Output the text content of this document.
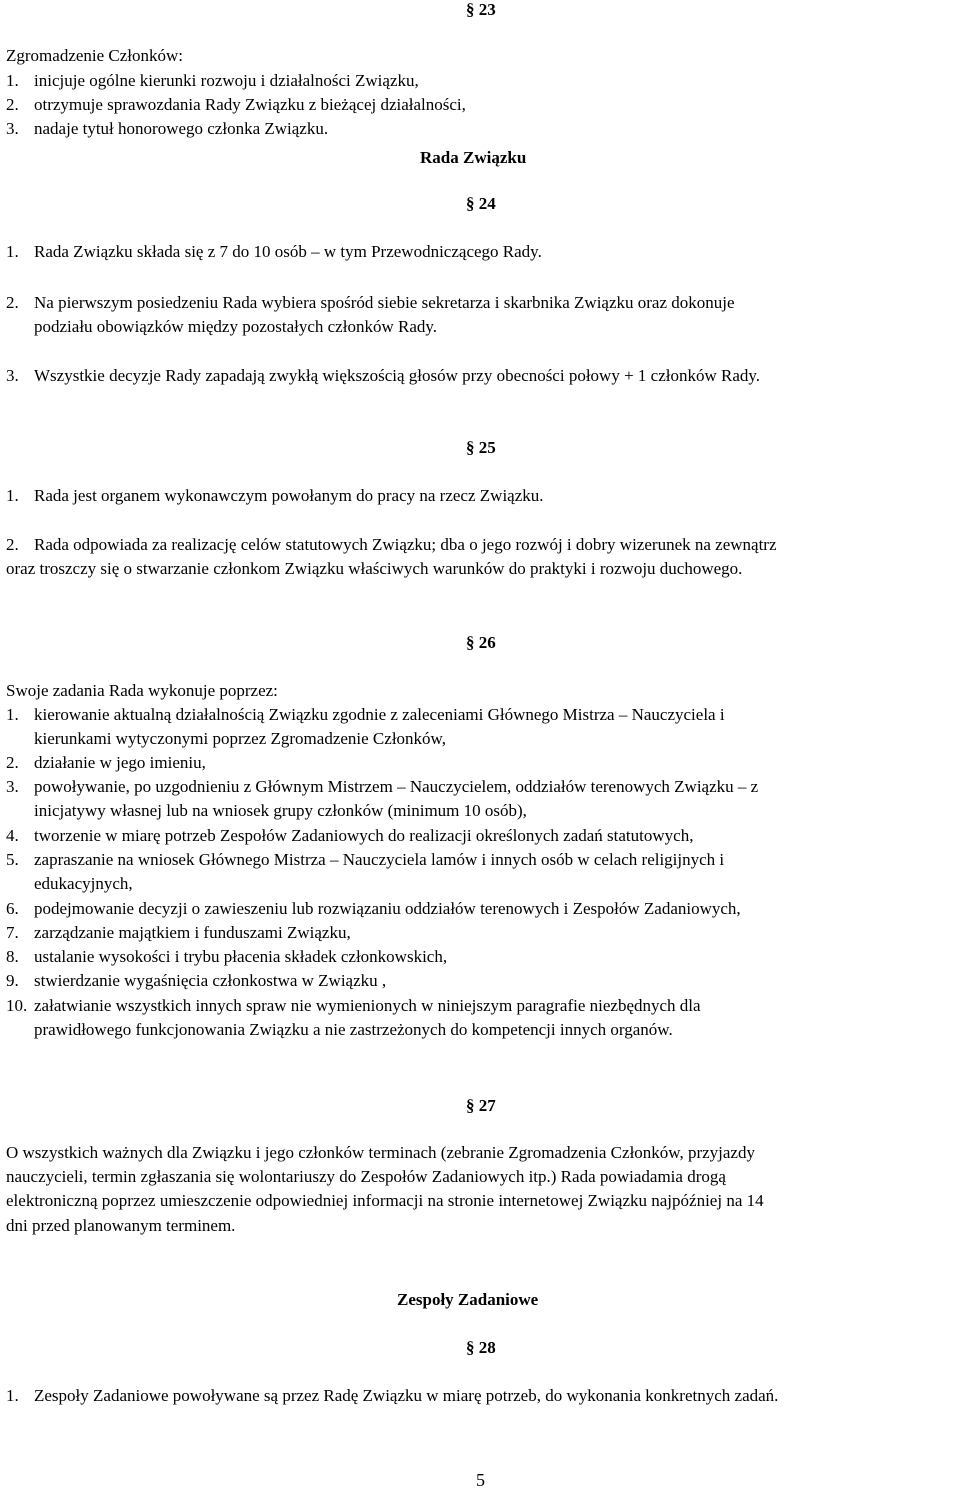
§ 23
Zgromadzenie Członków:
1. inicjuje ogólne kierunki rozwoju i działalności Związku,
2. otrzymuje sprawozdania Rady Związku z bieżącej działalności,
3. nadaje tytuł honorowego członka Związku.
Rada Związku
§ 24
1. Rada Związku składa się z 7 do 10 osób – w tym Przewodniczącego Rady.
2. Na pierwszym posiedzeniu Rada wybiera spośród siebie sekretarza i skarbnika Związku oraz dokonuje
podziału obowiązków między pozostałych członków Rady.
3. Wszystkie decyzje Rady zapadają zwykłą większością głosów przy obecności połowy + 1 członków Rady.
§ 25
1. Rada jest organem wykonawczym powołanym do pracy na rzecz Związku.
2. Rada odpowiada za realizację celów statutowych Związku; dba o jego rozwój i dobry wizerunek na zewnątrz
oraz troszczy się o stwarzanie członkom Związku właściwych warunków do praktyki i rozwoju duchowego.
§ 26
Swoje zadania Rada wykonuje poprzez:
1. kierowanie aktualną działalnością Związku zgodnie z zaleceniami Głównego Mistrza – Nauczyciela i
kierunkami wytyczonymi poprzez Zgromadzenie Członków,
2. działanie w jego imieniu,
3. powoływanie, po uzgodnieniu z Głównym Mistrzem – Nauczycielem, oddziałów terenowych Związku – z
inicjatywy własnej lub na wniosek grupy członków (minimum 10 osób),
4. tworzenie w miarę potrzeb Zespołów Zadaniowych do realizacji określonych zadań statutowych,
5. zapraszanie na wniosek Głównego Mistrza – Nauczyciela lamów i innych osób w celach religijnych i
edukacyjnych,
6. podejmowanie decyzji o zawieszeniu lub rozwiązaniu oddziałów terenowych i Zespołów Zadaniowych,
7. zarządzanie majątkiem i funduszami Związku,
8. ustalanie wysokości i trybu płacenia składek członkowskich,
9. stwierdzanie wygaśnięcia członkostwa w Związku ,
10. załatwianie wszystkich innych spraw nie wymienionych w niniejszym paragrafie niezbędnych dla
prawidłowego funkcjonowania Związku a nie zastrzeżonych do kompetencji innych organów.
§ 27
O wszystkich ważnych dla Związku i jego członków terminach (zebranie Zgromadzenia Członków, przyjazdy
nauczycieli, termin zgłaszania się wolontariuszy do Zespołów Zadaniowych itp.) Rada powiadamia drogą
elektroniczną poprzez umieszczenie odpowiedniej informacji na stronie internetowej Związku najpóźniej na 14
dni przed planowanym terminem.
Zespoły Zadaniowe
§ 28
1. Zespoły Zadaniowe powoływane są przez Radę Związku w miarę potrzeb, do wykonania konkretnych zadań.
5
